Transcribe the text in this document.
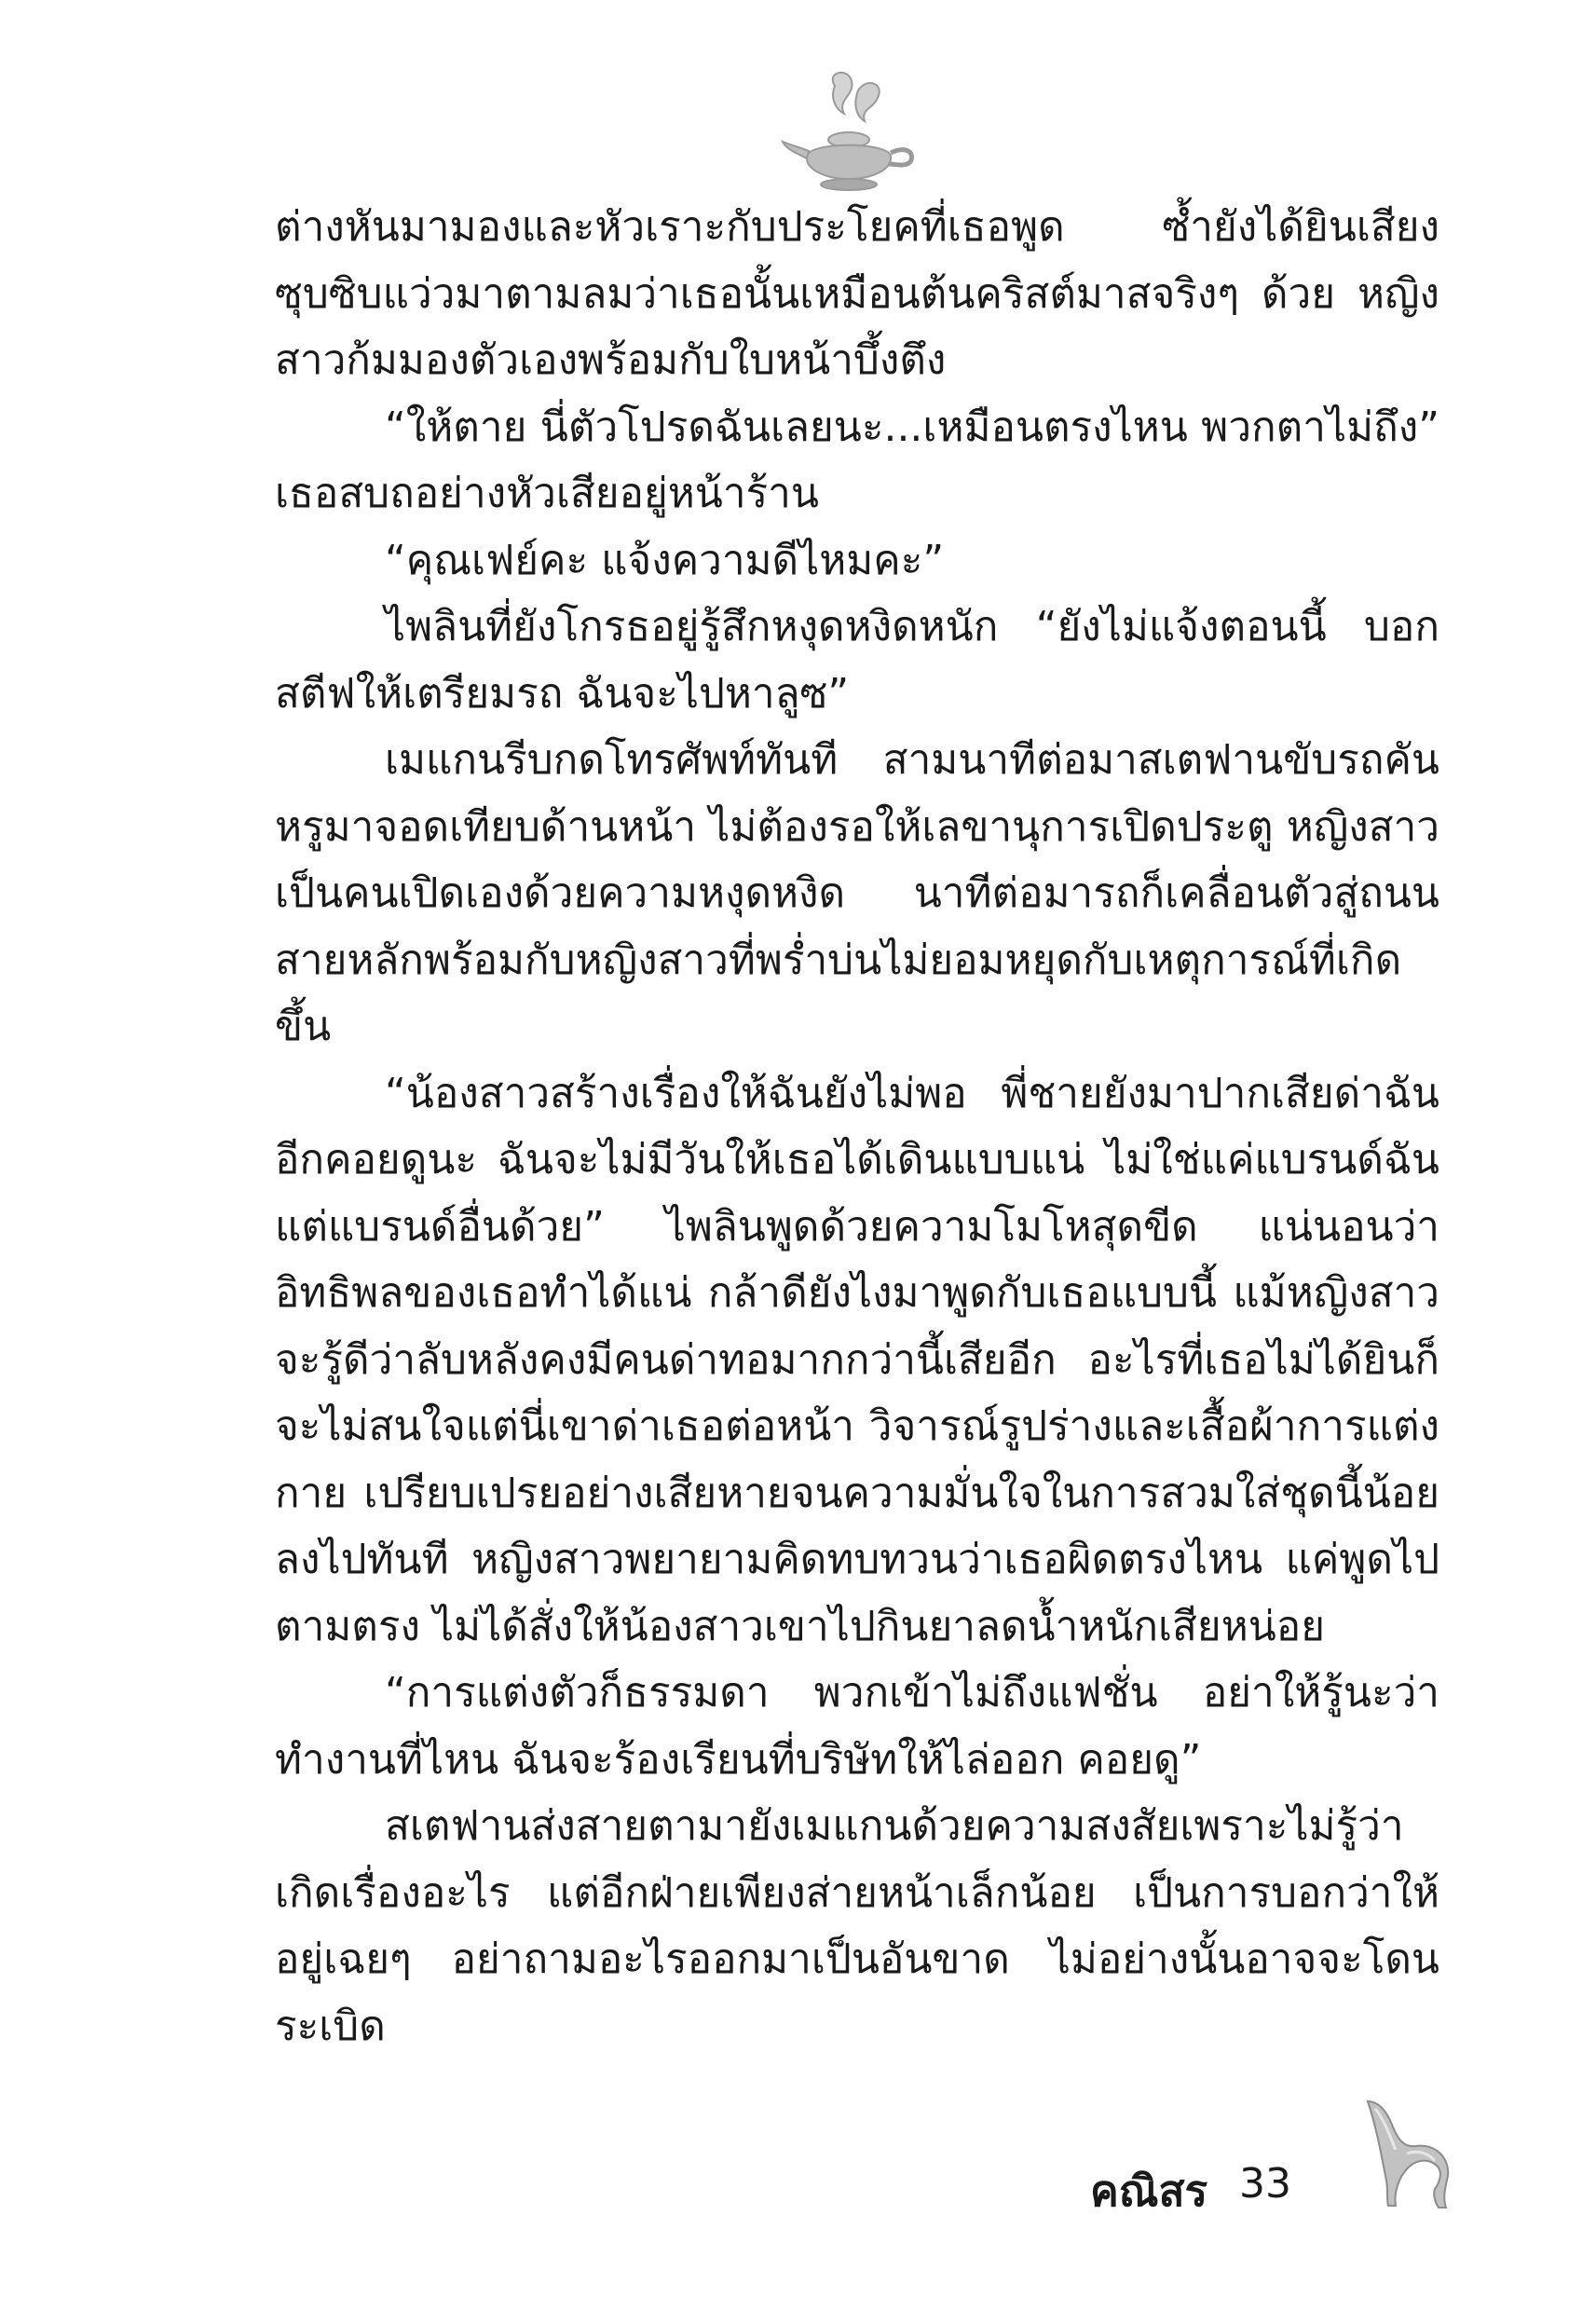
ต่างหันมามองและหัวเราะกับประโยคที่เธอพูด ซ้ำยังได้ยินเสียงซุบซิบแว่วมาตามลมว่าเธอนั้นเหมือนต้นคริสต์มาสจริงๆ ด้วย หญิงสาวก้มมองตัวเองพร้อมกับใบหน้าบึ้งตึง

“ให้ตาย นี่ตัวโปรดฉันเลยนะ...เหมือนตรงไหน พวกตาไม่ถึง” เธอสบถอย่างหัวเสียอยู่หน้าร้าน

“คุณเฟย์คะ แจ้งความดีไหมคะ”

ไพลินที่ยังโกรธอยู่รู้สึกหงุดหงิดหนัก “ยังไม่แจ้งตอนนี้ บอกสตีฟให้เตรียมรถ ฉันจะไปหาลูซ”

เมแกนรีบกดโทรศัพท์ทันที สามนาทีต่อมาสเตฟานขับรถคันหรูมาจอดเทียบด้านหน้า ไม่ต้องรอให้เลขานุการเปิดประตู หญิงสาวเป็นคนเปิดเองด้วยความหงุดหงิด นาทีต่อมารถก็เคลื่อนตัวสู่ถนนสายหลักพร้อมกับหญิงสาวที่พร่ำบ่นไม่ยอมหยุดกับเหตุการณ์ที่เกิดขึ้น

“น้องสาวสร้างเรื่องให้ฉันยังไม่พอ พี่ชายยังมาปากเสียด่าฉันอีกคอยดูนะ ฉันจะไม่มีวันให้เธอได้เดินแบบแน่ ไม่ใช่แค่แบรนด์ฉันแต่แบรนด์อื่นด้วย” ไพลินพูดด้วยความโมโหสุดขีด แน่นอนว่าอิทธิพลของเธอทำได้แน่ กล้าดียังไงมาพูดกับเธอแบบนี้ แม้หญิงสาวจะรู้ดีว่าลับหลังคงมีคนด่าทอมากกว่านี้เสียอีก อะไรที่เธอไม่ได้ยินก็จะไม่สนใจแต่นี่เขาด่าเธอต่อหน้า วิจารณ์รูปร่างและเสื้อผ้าการแต่งกาย เปรียบเปรยอย่างเสียหายจนความมั่นใจในการสวมใส่ชุดนี้น้อยลงไปทันที หญิงสาวพยายามคิดทบทวนว่าเธอผิดตรงไหน แค่พูดไปตามตรง ไม่ได้สั่งให้น้องสาวเขาไปกินยาลดน้ำหนักเสียหน่อย

“การแต่งตัวก็ธรรมดา พวกเข้าไม่ถึงแฟชั่น อย่าให้รู้นะว่าทำงานที่ไหน ฉันจะร้องเรียนที่บริษัทให้ไล่ออก คอยดู”

สเตฟานส่งสายตามายังเมแกนด้วยความสงสัยเพราะไม่รู้ว่าเกิดเรื่องอะไร แต่อีกฝ่ายเพียงส่ายหน้าเล็กน้อย เป็นการบอกว่าให้อยู่เฉยๆ อย่าถามอะไรออกมาเป็นอันขาด ไม่อย่างนั้นอาจจะโดนระเบิด

คณิสร 33
